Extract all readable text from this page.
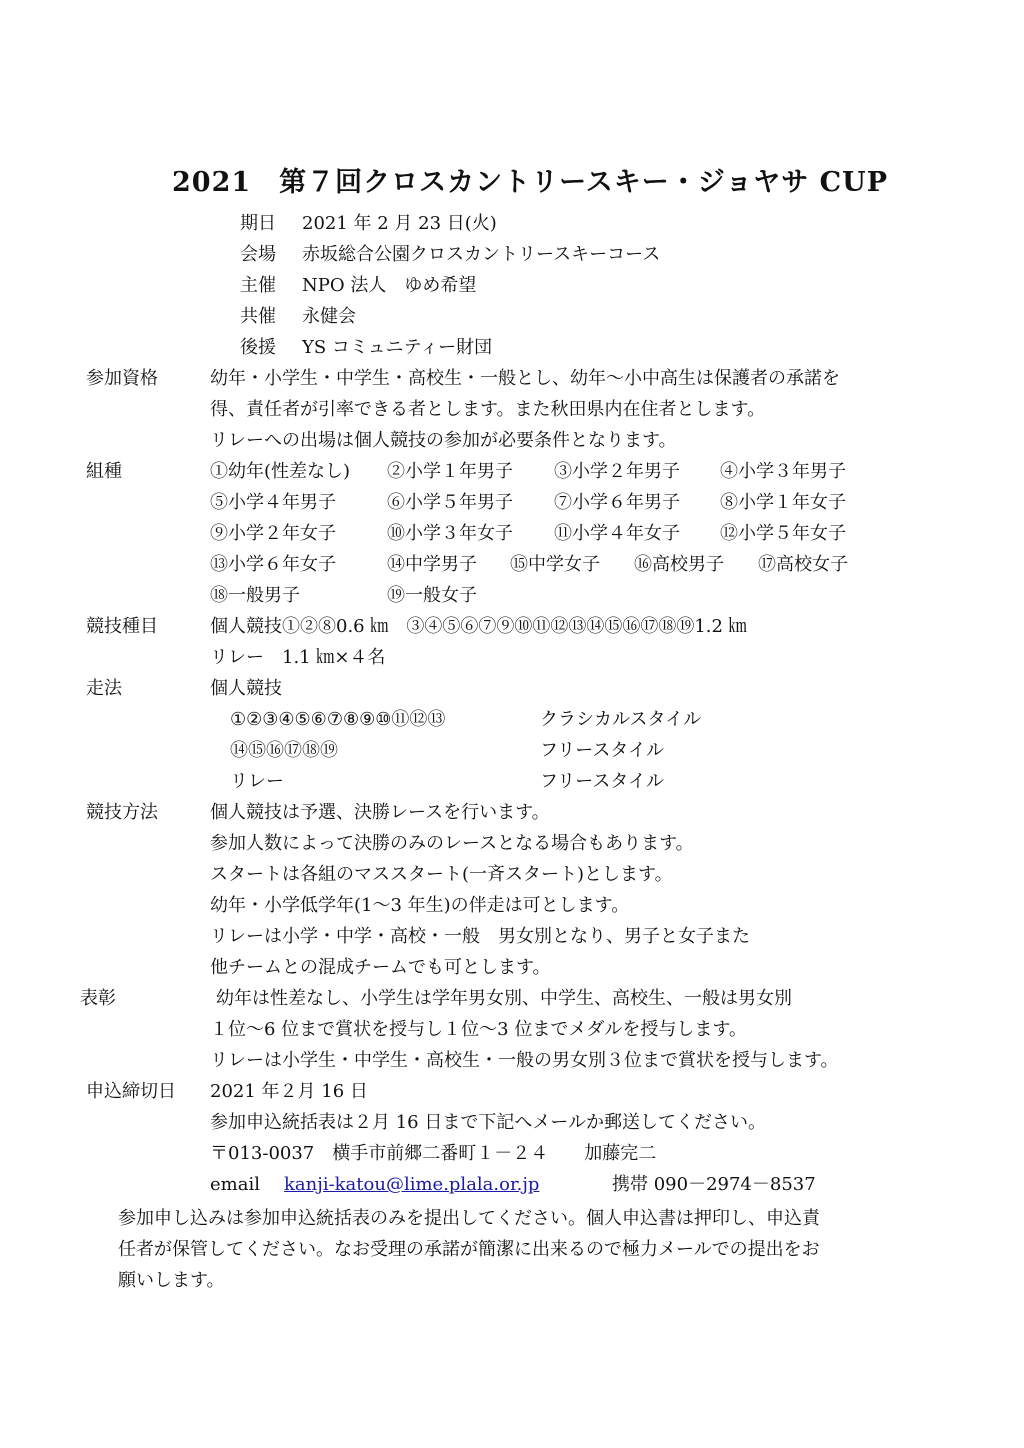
2021　第７回クロスカントリースキー・ジョヤサ CUP
期日 2021 年 2 月 23 日(火)
会場 赤坂総合公園クロスカントリースキーコース
主催 NPO 法人　ゆめ希望
共催 永健会
後援 YS コミュニティー財団
参加資格	幼年・小学生・中学生・高校生・一般とし、幼年〜小中高生は保護者の承諾を
得、責任者が引率できる者とします。また秋田県内在住者とします。
リレーへの出場は個人競技の参加が必要条件となります。
組種	①幼年(性差なし) ②小学１年男子 ③小学２年男子 ④小学３年男子
⑤小学４年男子	⑥小学５年男子 ⑦小学６年男子 ⑧小学１年女子
⑨小学２年女子	⑩小学３年女子 ⑪小学４年女子 ⑫小学５年女子
⑬小学６年女子	⑭中学男子 ⑮中学女子 ⑯高校男子 ⑰高校女子
⑱一般男子	⑲一般女子
競技種目	個人競技①②⑧0.6 ㎞　③④⑤⑥⑦⑨⑩⑪⑫⑬⑭⑮⑯⑰⑱⑲1.2 ㎞
リレー　1.1 ㎞×４名
走法	個人競技
①②③④⑤⑥⑦⑧⑨⑩⑪⑫⑬	クラシカルスタイル
⑭⑮⑯⑰⑱⑲	フリースタイル
リレー	フリースタイル
競技方法	個人競技は予選、決勝レースを行います。
参加人数によって決勝のみのレースとなる場合もあります。
スタートは各組のマススタート(一斉スタート)とします。
幼年・小学低学年(1〜3 年生)の伴走は可とします。
リレーは小学・中学・高校・一般　男女別となり、男子と女子また
他チームとの混成チームでも可とします。
表彰	幼年は性差なし、小学生は学年男女別、中学生、高校生、一般は男女別
１位〜6 位まで賞状を授与し１位〜3 位までメダルを授与します。
リレーは小学生・中学生・高校生・一般の男女別３位まで賞状を授与します。
申込締切日 2021 年２月 16 日
参加申込統括表は２月 16 日まで下記へメールか郵送してください。
〒013-0037　横手市前郷二番町１－２４　　加藤完二
email kanji-katou@lime.plala.or.jp	携帯 090－2974－8537
参加申し込みは参加申込統括表のみを提出してください。個人申込書は押印し、申込責
任者が保管してください。なお受理の承諾が簡潔に出来るので極力メールでの提出をお
願いします。
